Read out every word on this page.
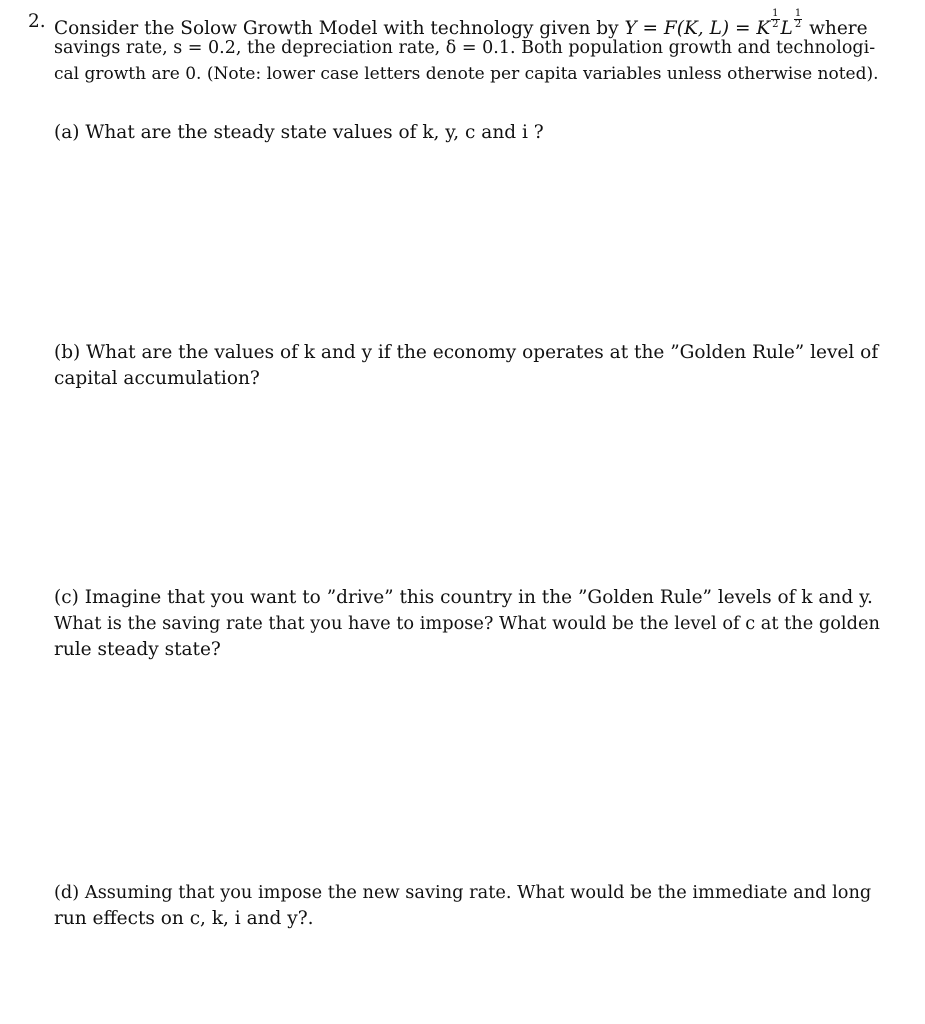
2. Consider the Solow Growth Model with technology given by Y = F(K, L) = K $\frac{1}{2}$ L $\frac{1}{2}$ where
savings rate, s = 0.2, the depreciation rate, δ = 0.1. Both population growth and technologi-
cal growth are 0. (Note: lower case letters denote per capita variables unless otherwise noted).
(a) What are the steady state values of k, y, c and i ?
(b) What are the values of k and y if the economy operates at the ”Golden Rule” level of
capital accumulation?
(c) Imagine that you want to ”drive” this country in the ”Golden Rule” levels of k and y.
What is the saving rate that you have to impose? What would be the level of c at the golden
rule steady state?
(d) Assuming that you impose the new saving rate. What would be the immediate and long
run effects on c, k, i and y?.
